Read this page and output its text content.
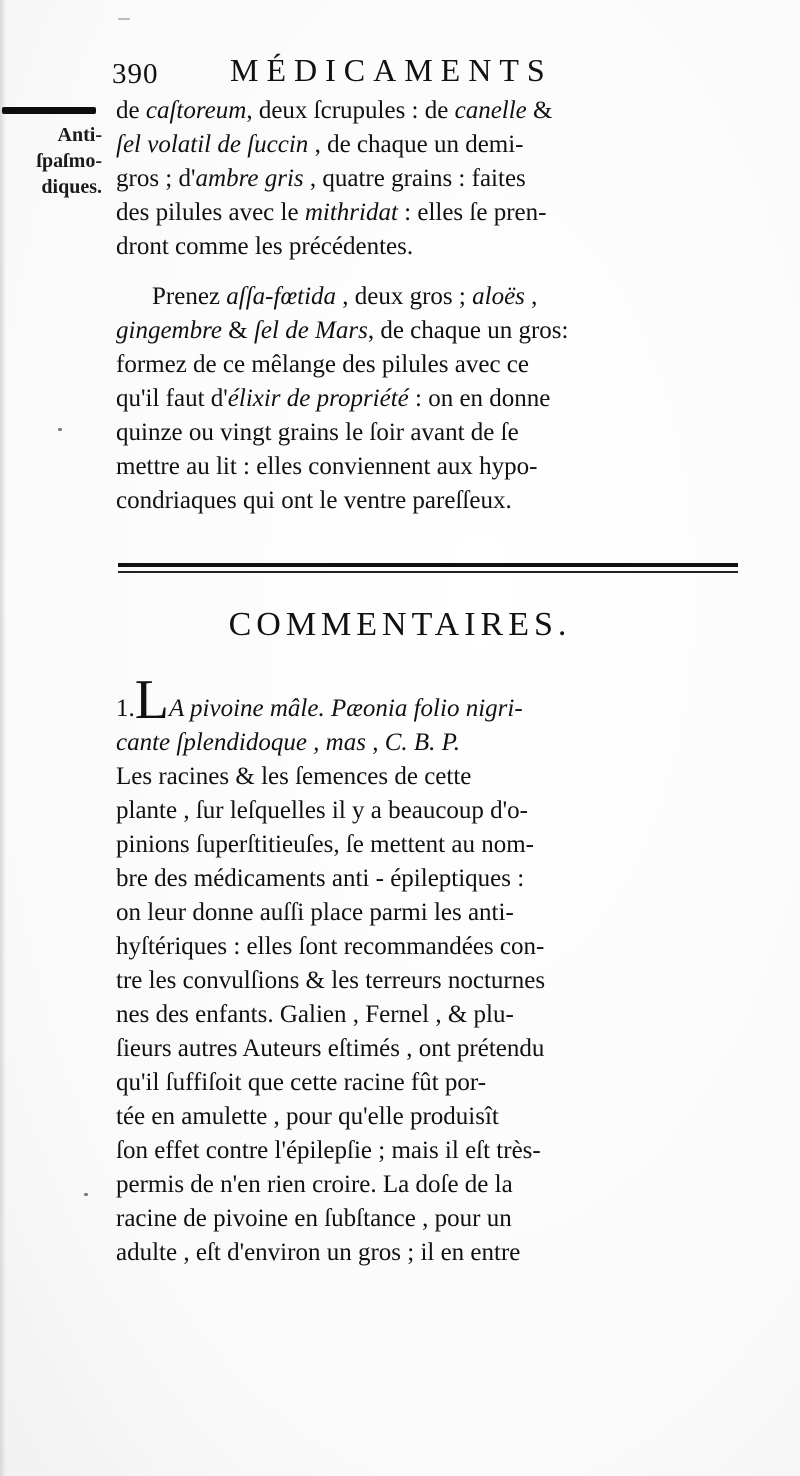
390 MÉDICAMENTS
Anti-
ſpaſmo-
diques.
de caſtoreum, deux ſcrupules : de canelle &
ſel volatil de ſuccin , de chaque un demi-
gros ; d'ambre gris , quatre grains : faites
des pilules avec le mithridat : elles ſe pren-
dront comme les précédentes.
Prenez aſſa-fœtida , deux gros ; aloës ,
gingembre & ſel de Mars, de chaque un gros:
formez de ce mêlange des pilules avec ce
qu'il faut d'élixir de propriété : on en donne
quinze ou vingt grains le ſoir avant de ſe
mettre au lit : elles conviennent aux hypo-
condriaques qui ont le ventre pareſſeux.
COMMENTAIRES.
1.LA pivoine mâle. Pæonia folio nigri-
cante ſplendidoque , mas , C. B. P.
Les racines & les ſemences de cette
plante , ſur leſquelles il y a beaucoup d'o-
pinions ſuperſtitieuſes, ſe mettent au nom-
bre des médicaments anti - épileptiques :
on leur donne auſſi place parmi les anti-
hyſtériques : elles ſont recommandées con-
tre les convulſions & les terreurs nocturnes
nes des enfants. Galien , Fernel , & plu-
ſieurs autres Auteurs eſtimés , ont prétendu
qu'il ſuffiſoit que cette racine fût por-
tée en amulette , pour qu'elle produisît
ſon effet contre l'épilepſie ; mais il eſt très-
permis de n'en rien croire. La doſe de la
racine de pivoine en ſubſtance , pour un
adulte , eſt d'environ un gros ; il en entre
